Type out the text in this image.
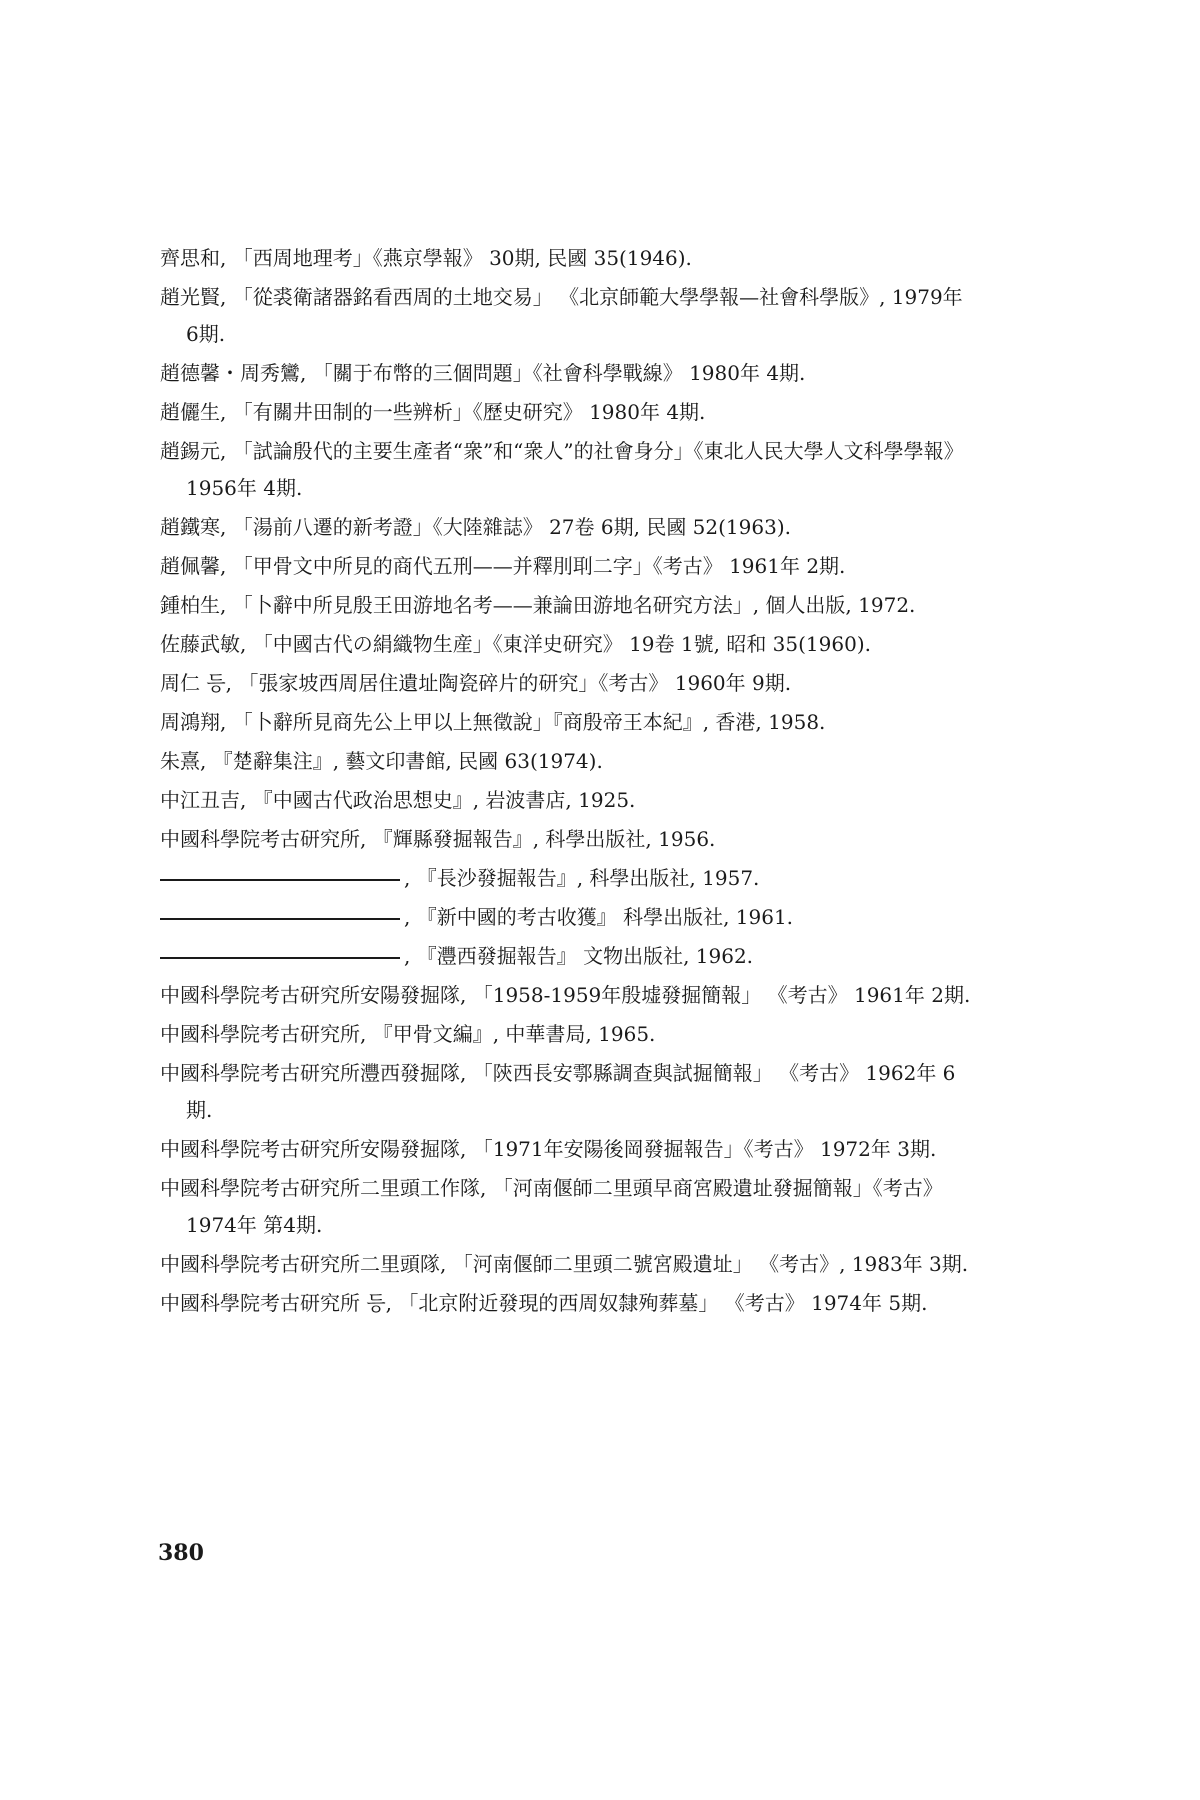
齊思和, 「西周地理考」《燕京學報》 30期, 民國 35(1946).

趙光賢, 「從裘衛諸器銘看西周的土地交易」 《北京師範大學學報—社會科學版》, 1979年 6期.

趙德馨・周秀鸞, 「關于布幣的三個問題」《社會科學戰線》 1980年 4期.

趙儷生, 「有關井田制的一些辨析」《歷史研究》 1980年 4期.

趙錫元, 「試論殷代的主要生產者“衆”和“衆人”的社會身分」《東北人民大學人文科學學報》 1956年 4期.

趙鐵寒, 「湯前八遷的新考證」《大陸雜誌》 27卷 6期, 民國 52(1963).

趙佩馨, 「甲骨文中所見的商代五刑——并釋刖刵二字」《考古》 1961年 2期.

鍾柏生, 「卜辭中所見殷王田游地名考——兼論田游地名研究方法」, 個人出版, 1972.

佐藤武敏, 「中國古代の絹織物生産」《東洋史研究》 19卷 1號, 昭和 35(1960).

周仁 등, 「張家坡西周居住遺址陶瓷碎片的研究」《考古》 1960年 9期.

周鴻翔, 「卜辭所見商先公上甲以上無徵說」『商殷帝王本紀』, 香港, 1958.

朱熹, 『楚辭集注』, 藝文印書館, 民國 63(1974).

中江丑吉, 『中國古代政治思想史』, 岩波書店, 1925.

中國科學院考古研究所, 『輝縣發掘報告』, 科學出版社, 1956.

, 『長沙發掘報告』, 科學出版社, 1957.

, 『新中國的考古收獲』 科學出版社, 1961.

, 『灃西發掘報告』 文物出版社, 1962.

中國科學院考古研究所安陽發掘隊, 「1958-1959年殷墟發掘簡報」 《考古》 1961年 2期.

中國科學院考古研究所, 『甲骨文編』, 中華書局, 1965.

中國科學院考古研究所灃西發掘隊, 「陝西長安鄠縣調查與試掘簡報」 《考古》 1962年 6期.

中國科學院考古研究所安陽發掘隊, 「1971年安陽後岡發掘報告」《考古》 1972年 3期.

中國科學院考古研究所二里頭工作隊, 「河南偃師二里頭早商宮殿遺址發掘簡報」《考古》 1974年 第4期.

中國科學院考古研究所二里頭隊, 「河南偃師二里頭二號宮殿遺址」 《考古》, 1983年 3期.

中國科學院考古研究所 등, 「北京附近發現的西周奴隸殉葬墓」 《考古》 1974年 5期.

380
